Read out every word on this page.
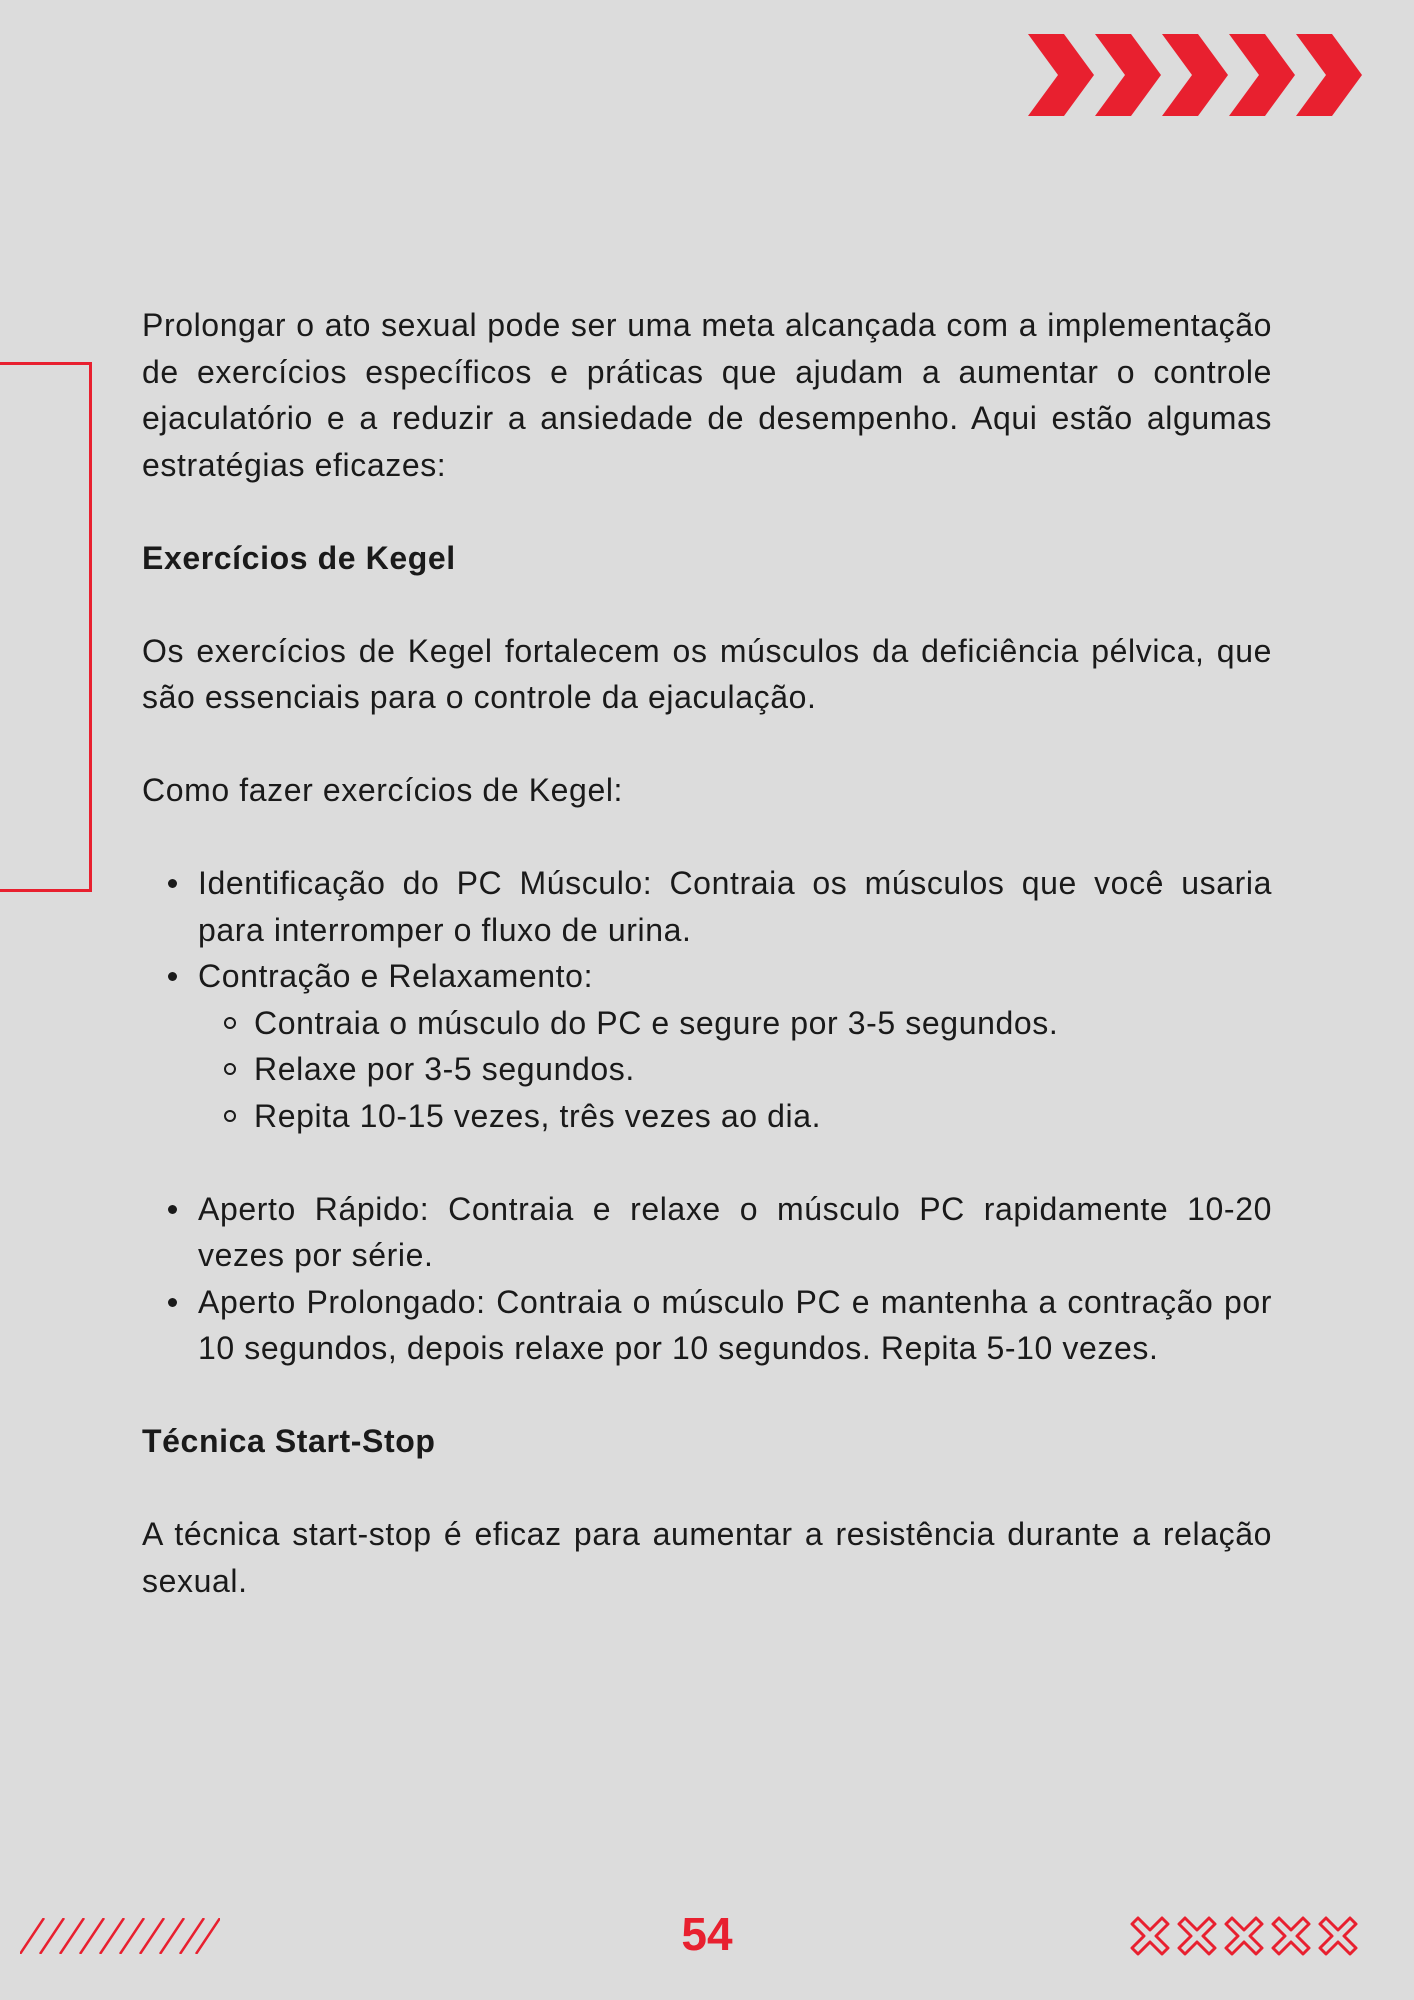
Prolongar o ato sexual pode ser uma meta alcançada com a implementação de exercícios específicos e práticas que ajudam a aumentar o controle ejaculatório e a reduzir a ansiedade de desempenho. Aqui estão algumas estratégias eficazes:

Exercícios de Kegel

Os exercícios de Kegel fortalecem os músculos da deficiência pélvica, que são essenciais para o controle da ejaculação.

Como fazer exercícios de Kegel:

Identificação do PC Músculo: Contraia os músculos que você usaria para interromper o fluxo de urina.
Contração e Relaxamento:
Contraia o músculo do PC e segure por 3-5 segundos.
Relaxe por 3-5 segundos.
Repita 10-15 vezes, três vezes ao dia.
Aperto Rápido: Contraia e relaxe o músculo PC rapidamente 10-20 vezes por série.
Aperto Prolongado: Contraia o músculo PC e mantenha a contração por 10 segundos, depois relaxe por 10 segundos. Repita 5-10 vezes.

Técnica Start-Stop

A técnica start-stop é eficaz para aumentar a resistência durante a relação sexual.

54
